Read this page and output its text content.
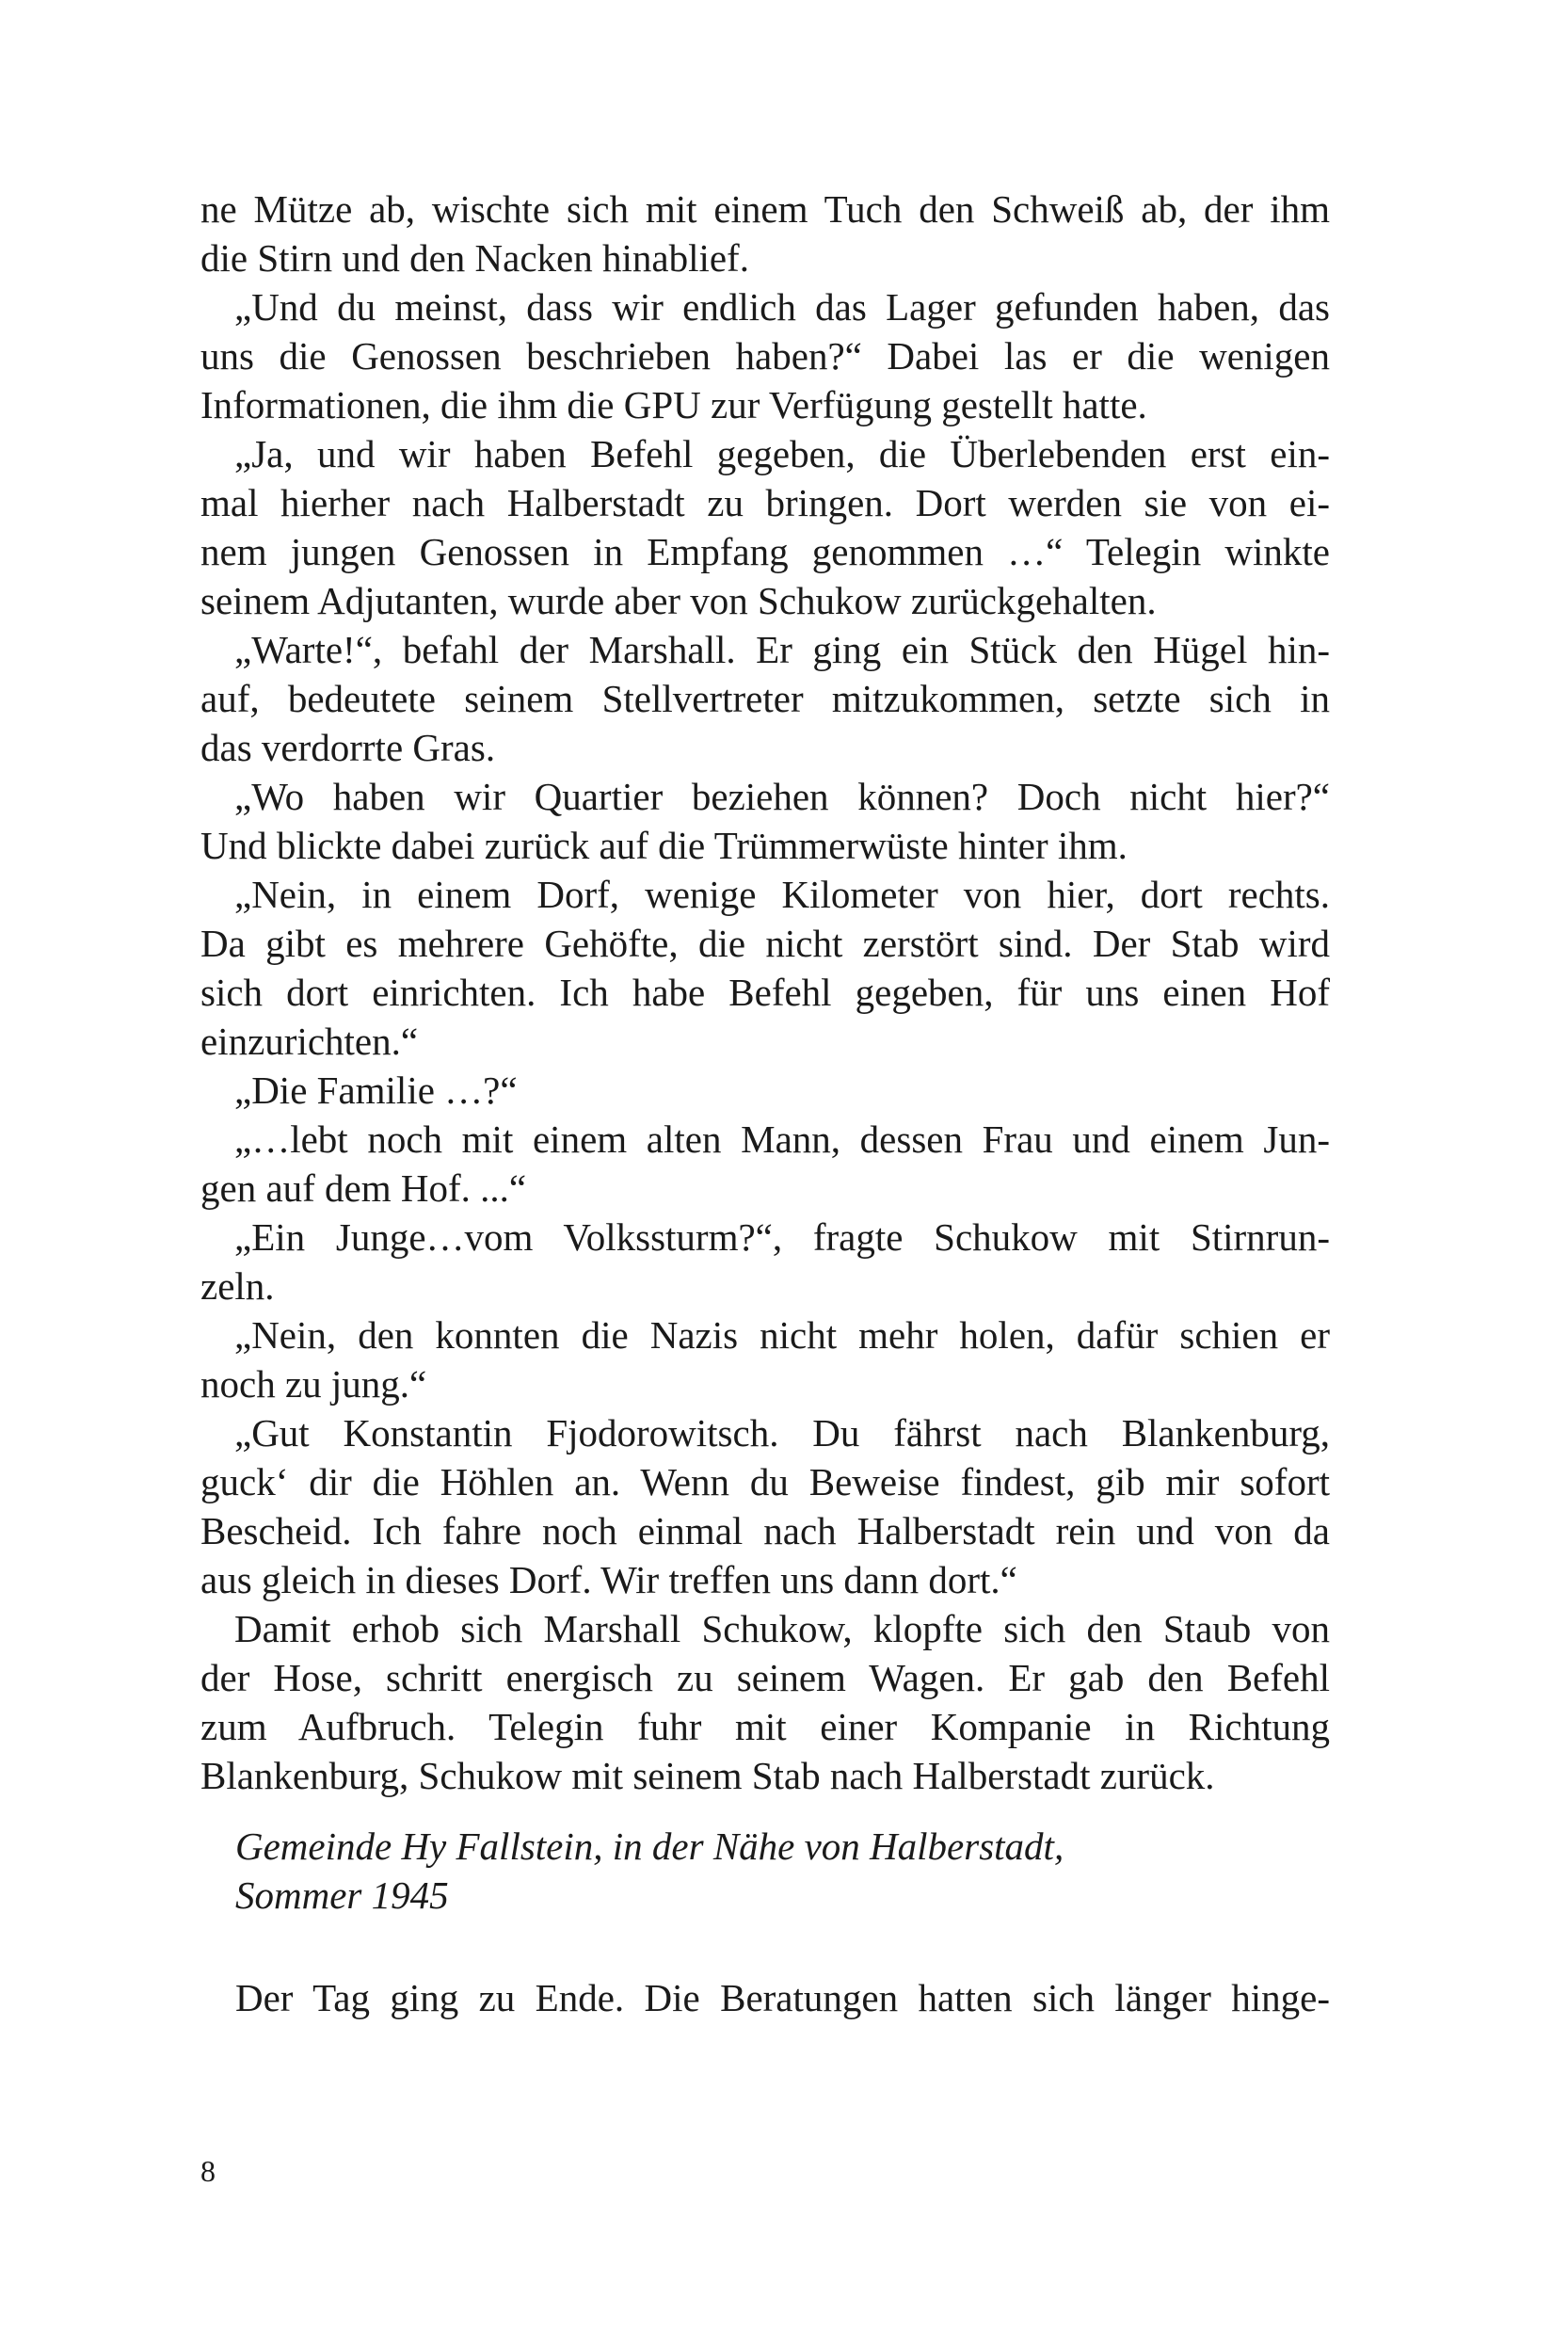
ne Mütze ab, wischte sich mit einem Tuch den Schweiß ab, der ihm
die Stirn und den Nacken hinablief.
„Und du meinst, dass wir endlich das Lager gefunden haben, das
uns die Genossen beschrieben haben?“ Dabei las er die wenigen
Informationen, die ihm die GPU zur Verfügung gestellt hatte.
„Ja, und wir haben Befehl gegeben, die Überlebenden erst ein-
mal hierher nach Halberstadt zu bringen. Dort werden sie von ei-
nem jungen Genossen in Empfang genommen …“ Telegin winkte
seinem Adjutanten, wurde aber von Schukow zurückgehalten.
„Warte!“, befahl der Marshall. Er ging ein Stück den Hügel hin-
auf, bedeutete seinem Stellvertreter mitzukommen, setzte sich in
das verdorrte Gras.
„Wo haben wir Quartier beziehen können? Doch nicht hier?“
Und blickte dabei zurück auf die Trümmerwüste hinter ihm.
„Nein, in einem Dorf, wenige Kilometer von hier, dort rechts.
Da gibt es mehrere Gehöfte, die nicht zerstört sind. Der Stab wird
sich dort einrichten. Ich habe Befehl gegeben, für uns einen Hof
einzurichten.“
„Die Familie …?“
„…lebt noch mit einem alten Mann, dessen Frau und einem Jun-
gen auf dem Hof. ...“
„Ein Junge…vom Volkssturm?“, fragte Schukow mit Stirnrun-
zeln.
„Nein, den konnten die Nazis nicht mehr holen, dafür schien er
noch zu jung.“
„Gut Konstantin Fjodorowitsch. Du fährst nach Blankenburg,
guck‘ dir die Höhlen an. Wenn du Beweise findest, gib mir sofort
Bescheid. Ich fahre noch einmal nach Halberstadt rein und von da
aus gleich in dieses Dorf. Wir treffen uns dann dort.“
Damit erhob sich Marshall Schukow, klopfte sich den Staub von
der Hose, schritt energisch zu seinem Wagen. Er gab den Befehl
zum Aufbruch. Telegin fuhr mit einer Kompanie in Richtung
Blankenburg, Schukow mit seinem Stab nach Halberstadt zurück.
Gemeinde Hy Fallstein, in der Nähe von Halberstadt,
Sommer 1945
Der Tag ging zu Ende. Die Beratungen hatten sich länger hinge-
8
